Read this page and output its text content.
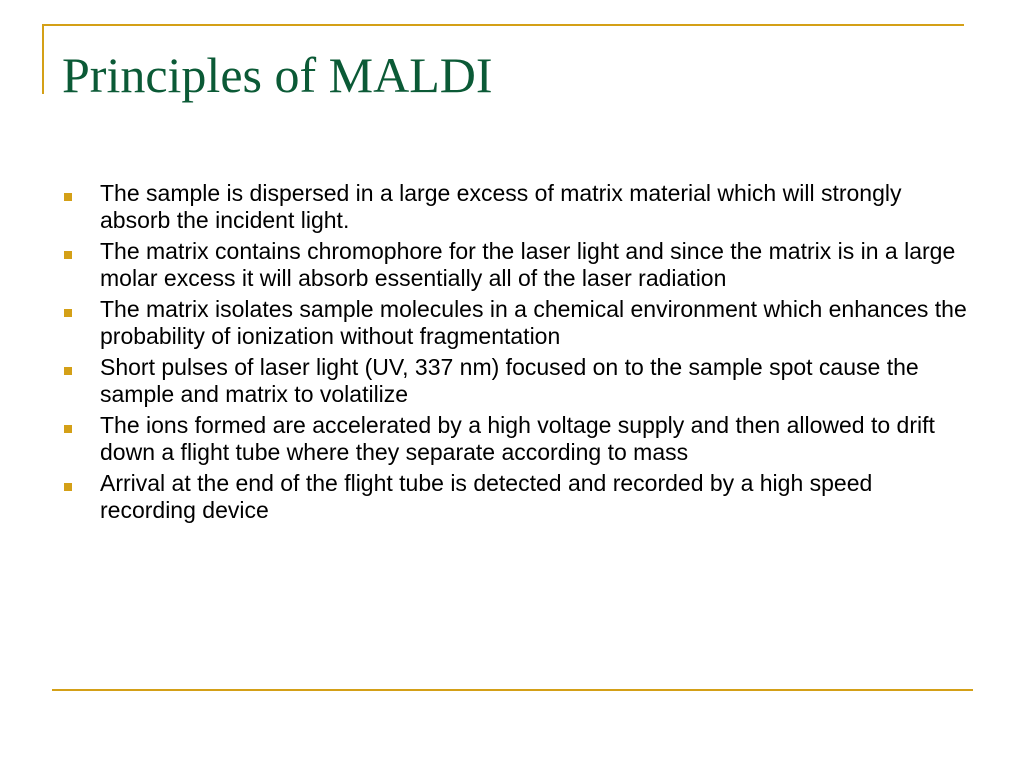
Principles of MALDI
The sample is dispersed in a large excess of matrix material which will strongly absorb the incident light.
The matrix contains chromophore for the laser light and since the matrix is in a large molar excess it will absorb essentially all of the laser radiation
The matrix isolates sample molecules in a chemical environment which enhances the probability of ionization without fragmentation
Short pulses of laser light (UV, 337 nm) focused on to the sample spot cause the sample and matrix to volatilize
The ions formed are accelerated by a high voltage supply and then allowed to drift down a flight tube where they separate according to mass
Arrival at the end of the flight tube is detected and recorded by a high speed recording device
